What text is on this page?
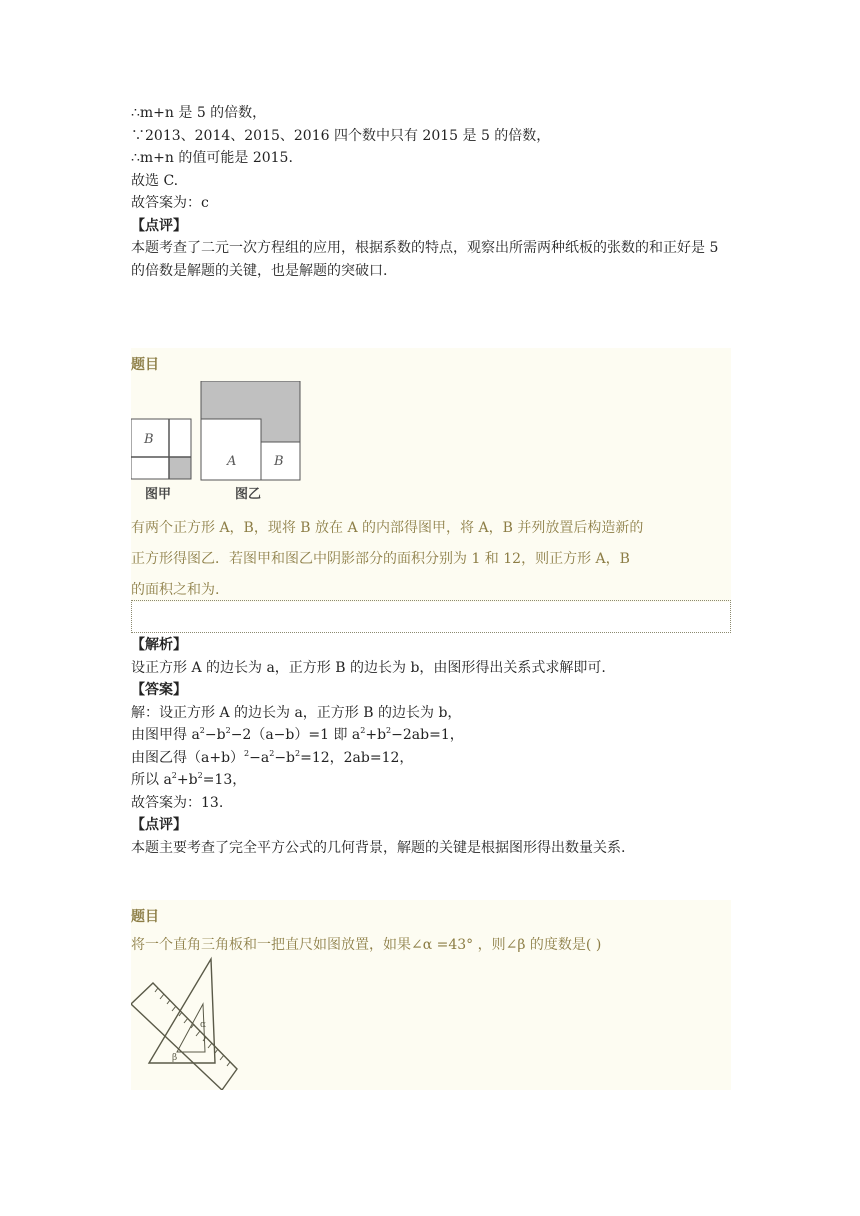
∴m+n 是 5 的倍数，
∵2013、2014、2015、2016 四个数中只有 2015 是 5 的倍数，
∴m+n 的值可能是 2015.
故选 C.
故答案为：c
【点评】
本题考查了二元一次方程组的应用，根据系数的特点，观察出所需两种纸板的张数的和正好是 5 的倍数是解题的关键，也是解题的突破口.
题目
B
图甲
A	B
图乙
有两个正方形 A，B，现将 B 放在 A 的内部得图甲，将 A，B 并列放置后构造新的
正方形得图乙．若图甲和图乙中阴影部分的面积分别为 1 和 12，则正方形 A，B
的面积之和为.
【解析】
设正方形 A 的边长为 a，正方形 B 的边长为 b，由图形得出关系式求解即可.
【答案】
解：设正方形 A 的边长为 a，正方形 B 的边长为 b，
由图甲得 $a^2-b^2-2(a-b)=1$ 即 $a^2+b^2-2ab=1$，
由图乙得$(a+b)^2-a^2-b^2=12$，2ab=12，
所以 $a^2+b^2=13$，
故答案为：13.
【点评】
本题主要考查了完全平方公式的几何背景，解题的关键是根据图形得出数量关系.
题目
将一个直角三角板和一把直尺如图放置，如果∠α =43° ，则∠β 的度数是( )
α
β
